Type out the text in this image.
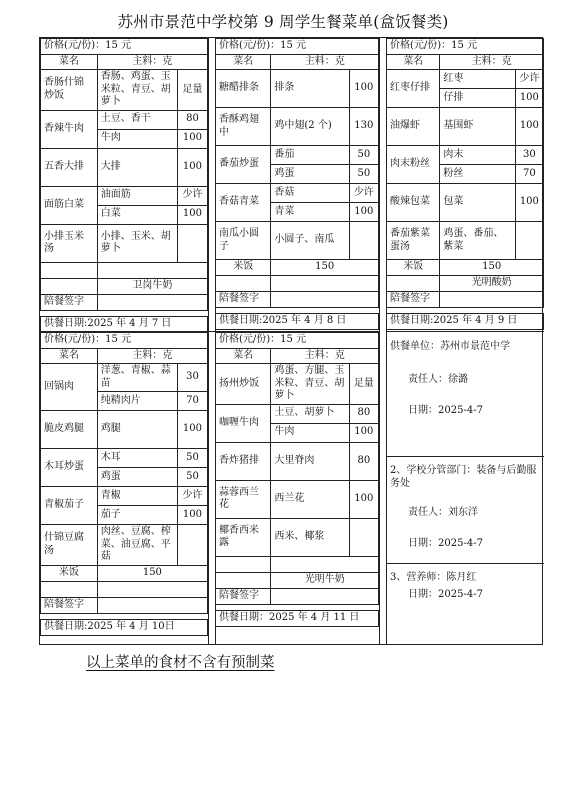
苏州市景范中学校第 9 周学生餐菜单(盒饭餐类)
价格(元/份)：15 元		
菜名	主料：克	
香肠什锦炒饭	香肠、鸡蛋、玉米粒、青豆、胡萝卜	足量
香辣牛肉	土豆、香干	80
	牛肉	100
五香大排	大排	100
面筋白菜	油面筋	少许
	白菜	100
小排玉米汤	小排、玉米、胡萝卜	

	卫岗牛奶	
陪餐签字		

供餐日期:2025 年 4 月 7 日		
价格(元/份)：15 元		
菜名	主料：克	
回锅肉	洋葱、青椒、蒜苗	30
	纯精肉片	70
脆皮鸡腿	鸡腿	100
木耳炒蛋	木耳	50
	鸡蛋	50
青椒茄子	青椒	少许
	茄子	100
什锦豆腐汤	肉丝、豆腐、榨菜、油豆腐、平菇	
米饭	150	

陪餐签字		

供餐日期:2025 年 4 月 10日		
价格(元/份)：15 元		
菜名	主料：克	
糖醋排条	排条	100
香酥鸡翅中	鸡中翅(2 个)	130
番茄炒蛋	番茄	50
	鸡蛋	50
香菇青菜	香菇	少许
	青菜	100
南瓜小圆子	小圆子、南瓜	
米饭	150	

陪餐签字		

供餐日期:2025 年 4 月 8 日		
价格(元/份)：15 元		
菜名	主料：克	
扬州炒饭	鸡蛋、方腿、玉米粒、青豆、胡萝卜	足量
咖喱牛肉	土豆、胡萝卜	80
	牛肉	100
香炸猪排	大里脊肉	80
蒜蓉西兰花	西兰花	100
椰香西米露	西米、椰浆	

	光明牛奶	
陪餐签字		

供餐日期：2025 年 4 月 11 日		
价格(元/份)：15 元		
菜名	主料：克	
红枣仔排	红枣	少许
	仔排	100
油爆虾	基围虾	100
肉末粉丝	肉末	30
	粉丝	70
酸辣包菜	包菜	100
番茄紫菜蛋汤	鸡蛋、番茄、紫菜	
米饭	150	
	光明酸奶	
陪餐签字		

供餐日期:2025 年 4 月 9 日		

供餐单位：苏州市景范中学

责任人：徐潞

日期：2025-4-7

2、学校分管部门：装备与后勤服务处

责任人：刘东洋

日期：2025-4-7

3、营养师：陈月红

日期：2025-4-7

以上菜单的食材不含有预制菜
